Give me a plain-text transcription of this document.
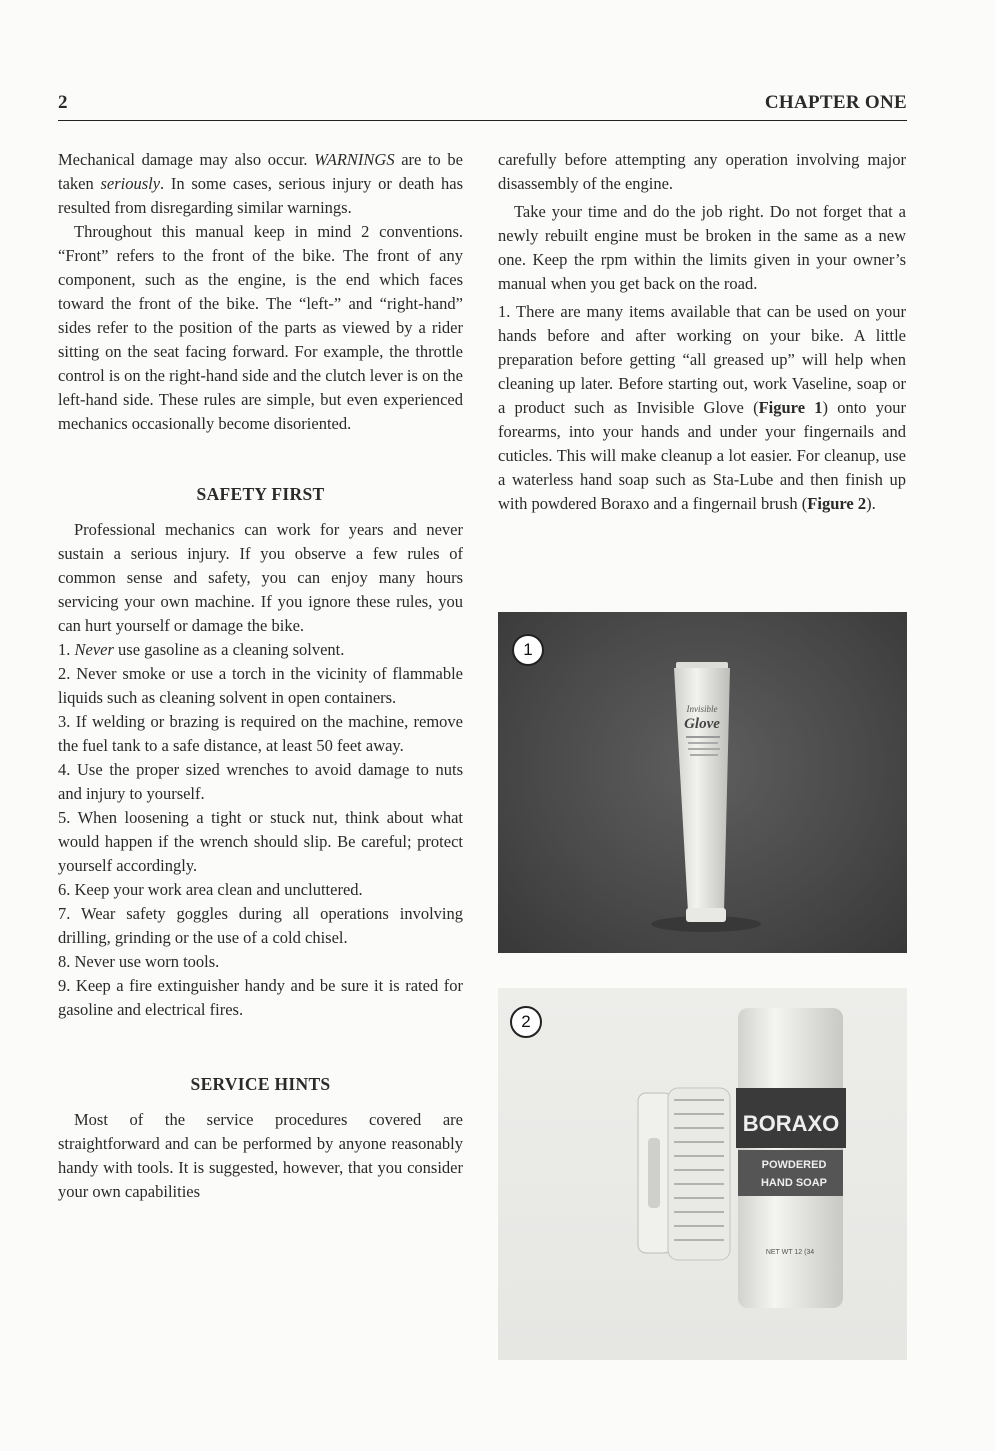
2	CHAPTER ONE

Mechanical damage may also occur. WARNINGS are to be taken seriously. In some cases, serious injury or death has resulted from disregarding similar warnings.

Throughout this manual keep in mind 2 conventions. “Front” refers to the front of the bike. The front of any component, such as the engine, is the end which faces toward the front of the bike. The “left-” and “right-hand” sides refer to the position of the parts as viewed by a rider sitting on the seat facing forward. For example, the throttle control is on the right-hand side and the clutch lever is on the left-hand side. These rules are simple, but even experienced mechanics occasionally become disoriented.

SAFETY FIRST

Professional mechanics can work for years and never sustain a serious injury. If you observe a few rules of common sense and safety, you can enjoy many hours servicing your own machine. If you ignore these rules, you can hurt yourself or damage the bike.

1. Never use gasoline as a cleaning solvent.

2. Never smoke or use a torch in the vicinity of flammable liquids such as cleaning solvent in open containers.

3. If welding or brazing is required on the machine, remove the fuel tank to a safe distance, at least 50 feet away.

4. Use the proper sized wrenches to avoid damage to nuts and injury to yourself.

5. When loosening a tight or stuck nut, think about what would happen if the wrench should slip. Be careful; protect yourself accordingly.

6. Keep your work area clean and uncluttered.

7. Wear safety goggles during all operations involving drilling, grinding or the use of a cold chisel.

8. Never use worn tools.

9. Keep a fire extinguisher handy and be sure it is rated for gasoline and electrical fires.

SERVICE HINTS

Most of the service procedures covered are straightforward and can be performed by anyone reasonably handy with tools. It is suggested, however, that you consider your own capabilities

carefully before attempting any operation involving major disassembly of the engine.

Take your time and do the job right. Do not forget that a newly rebuilt engine must be broken in the same as a new one. Keep the rpm within the limits given in your owner’s manual when you get back on the road.

1. There are many items available that can be used on your hands before and after working on your bike. A little preparation before getting “all greased up” will help when cleaning up later. Before starting out, work Vaseline, soap or a product such as Invisible Glove (Figure 1) onto your forearms, into your hands and under your fingernails and cuticles. This will make cleanup a lot easier. For cleanup, use a waterless hand soap such as Sta-Lube and then finish up with powdered Boraxo and a fingernail brush (Figure 2).

1
Invisible
Glove
2
BORAXO
POWDERED
HAND SOAP
NET WT 12 (34
